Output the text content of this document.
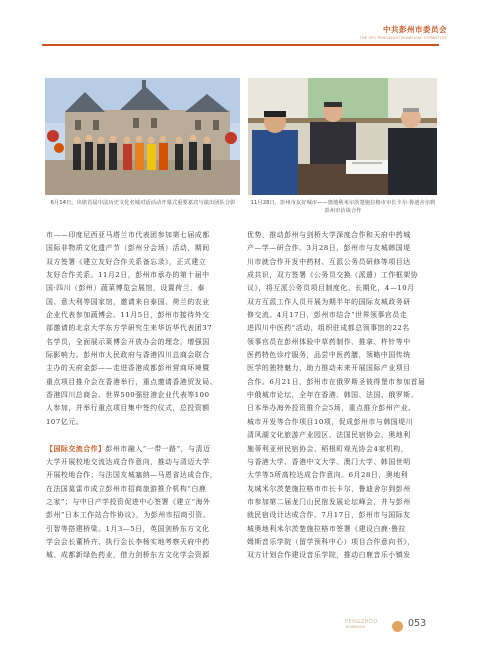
中共彭州市委员会
THE CPC PENGZHOU MUNICIPAL COMMITTEE
6月14日，出席首届中法历史文化名城对话活动开幕式重要嘉宾与演出团队合影	11月28日，彭州市友好城市——奥地利米尔茨楚施拉格市市长卡尔·鲁迪舍尔到彭州市访谈合作
市——印度尼西亚马塔兰市代表团参加第七届成都
国际非物质文化遗产节（彭州分会场）活动，期间
双方签署《建立友好合作关系备忘录》，正式建立
友好合作关系。11月2日，彭州市承办的第十届中
国·四川（彭州）蔬菜博览会展馆，设置荷兰、泰
国、意大利等国家馆，邀请来自泰国、荷兰的农业
企业代表参加蔬博会。11月5日，彭州市接待外交
部邀请的北京大学东方学研究生来华访华代表团37
名学员，全面展示莱博会开放办会的理念，增强国
际影响力。彭州市人民政府与香港四川总商会联合
主办的天府金彭——走进香港成都彭州营商环境暨
重点项目推介会在香港举行，重点邀请香港贸发局、
香港四川总商会、世界500强驻港企业代表等100
人参加，并举行重点项目集中签约仪式，总投资额
107亿元。
【国际交流合作】彭州市融入“一带一路”，与清迈
大学开展校地交流达成合作意向，推动与清迈大学
开展校地合作；与法国友城塞纳—马恩省达成合作，
在法国莫雷市成立彭州市招商旅游推介机构“白鹿
之家”；与中日产学投资促进中心签署《建立“海外
彭州”日本工作站合作协议》，为彭州市招商引资、
引智等搭建桥梁。1月3—5日，英国剑桥东方文化
学会会长董桥卉、执行会长李杨实地考察天府中药
城、成都新绿色药业，借力剑桥东方文化学会资源
优势，推动彭州与剑桥大学深度合作和天府中药城
产—学—研合作。3月28日，彭州市与友城韩国堤
川市就合作开发中药材、互派公务员研修等项目达
成共识，双方签署《公务员交换（派遣）工作框架协
议》，将互派公务员项目制度化、长期化，4—10月
双方互派工作人员开展为期半年的国际友城政务研
修交流。4月17日，彭州市结合“世界领事官员走
进四川中医药”活动，组织驻成都总领事馆的22名
领事官员在彭州体验中草药制作、推拿、杵针等中
医药特色诊疗服务，品尝中医药膳，领略中国传统
医学的独特魅力，助力推动未来开展国际产业项目
合作。6月21日，彭州市在俄罗斯圣彼得堡市参加首届
中俄城市论坛，全年在香港、韩国、法国、俄罗斯、
日本举办海外投资推介会5场，重点推介彭州产业、
城市开发等合作项目10项，促成彭州市与韩国堤川
清风湖文化旅游产业园区、法国民宿协会、奥地利
施蒂利亚州民宿协会、稻根町观光协会4家机构，
与香港大学、香港中文大学、澳门大学、韩国世明
大学等5所高校达成合作意向。6月28日，奥地利
友城米尔茨楚施拉格市市长卡尔，鲁迪舍尔到彭州
市参加第二届龙门山民宿发展论坛峰会，并与彭州
就民宿设计达成合作。7月17日，彭州市与国际友
城奥地利米尔茨楚施拉格市签署《建设白鹿·鲁拉
姆斯音乐学院（留学预科中心）项目合作意向书》，
双方计划合作建设音乐学院，推动白鹿音乐小镇发
PENGZHOU
YEARBOOK	053
